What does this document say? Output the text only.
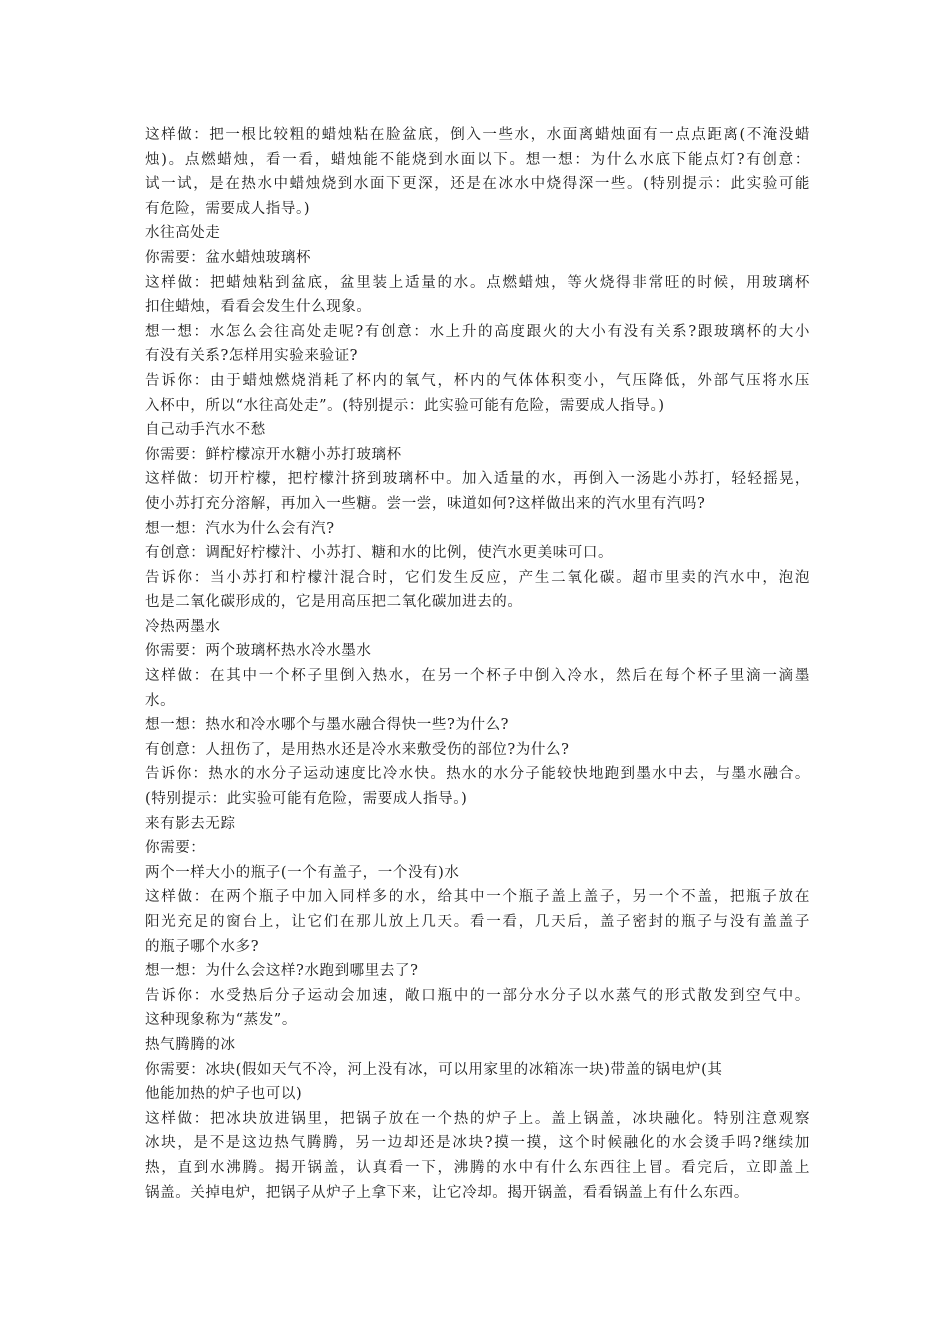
这样做：把一根比较粗的蜡烛粘在脸盆底，倒入一些水，水面离蜡烛面有一点点距离(不淹没蜡
烛)。点燃蜡烛，看一看，蜡烛能不能烧到水面以下。想一想：为什么水底下能点灯?有创意：
试一试，是在热水中蜡烛烧到水面下更深，还是在冰水中烧得深一些。(特别提示：此实验可能
有危险，需要成人指导。)
水往高处走
你需要：盆水蜡烛玻璃杯
这样做：把蜡烛粘到盆底，盆里装上适量的水。点燃蜡烛，等火烧得非常旺的时候，用玻璃杯
扣住蜡烛，看看会发生什么现象。
想一想：水怎么会往高处走呢?有创意：水上升的高度跟火的大小有没有关系?跟玻璃杯的大小
有没有关系?怎样用实验来验证?
告诉你：由于蜡烛燃烧消耗了杯内的氧气，杯内的气体体积变小，气压降低，外部气压将水压
入杯中，所以“水往高处走”。(特别提示：此实验可能有危险，需要成人指导。)
自己动手汽水不愁
你需要：鲜柠檬凉开水糖小苏打玻璃杯
这样做：切开柠檬，把柠檬汁挤到玻璃杯中。加入适量的水，再倒入一汤匙小苏打，轻轻摇晃，
使小苏打充分溶解，再加入一些糖。尝一尝，味道如何?这样做出来的汽水里有汽吗?
想一想：汽水为什么会有汽?
有创意：调配好柠檬汁、小苏打、糖和水的比例，使汽水更美味可口。
告诉你：当小苏打和柠檬汁混合时，它们发生反应，产生二氧化碳。超市里卖的汽水中，泡泡
也是二氧化碳形成的，它是用高压把二氧化碳加进去的。
冷热两墨水
你需要：两个玻璃杯热水冷水墨水
这样做：在其中一个杯子里倒入热水，在另一个杯子中倒入冷水，然后在每个杯子里滴一滴墨
水。
想一想：热水和冷水哪个与墨水融合得快一些?为什么?
有创意：人扭伤了，是用热水还是冷水来敷受伤的部位?为什么?
告诉你：热水的水分子运动速度比冷水快。热水的水分子能较快地跑到墨水中去，与墨水融合。
(特别提示：此实验可能有危险，需要成人指导。)
来有影去无踪
你需要：
两个一样大小的瓶子(一个有盖子，一个没有)水
这样做：在两个瓶子中加入同样多的水，给其中一个瓶子盖上盖子，另一个不盖，把瓶子放在
阳光充足的窗台上，让它们在那儿放上几天。看一看，几天后，盖子密封的瓶子与没有盖盖子
的瓶子哪个水多?
想一想：为什么会这样?水跑到哪里去了?
告诉你：水受热后分子运动会加速，敞口瓶中的一部分水分子以水蒸气的形式散发到空气中。
这种现象称为“蒸发”。
热气腾腾的冰
你需要：冰块(假如天气不冷，河上没有冰，可以用家里的冰箱冻一块)带盖的锅电炉(其
他能加热的炉子也可以)
这样做：把冰块放进锅里，把锅子放在一个热的炉子上。盖上锅盖，冰块融化。特别注意观察
冰块，是不是这边热气腾腾，另一边却还是冰块?摸一摸，这个时候融化的水会烫手吗?继续加
热，直到水沸腾。揭开锅盖，认真看一下，沸腾的水中有什么东西往上冒。看完后，立即盖上
锅盖。关掉电炉，把锅子从炉子上拿下来，让它冷却。揭开锅盖，看看锅盖上有什么东西。
